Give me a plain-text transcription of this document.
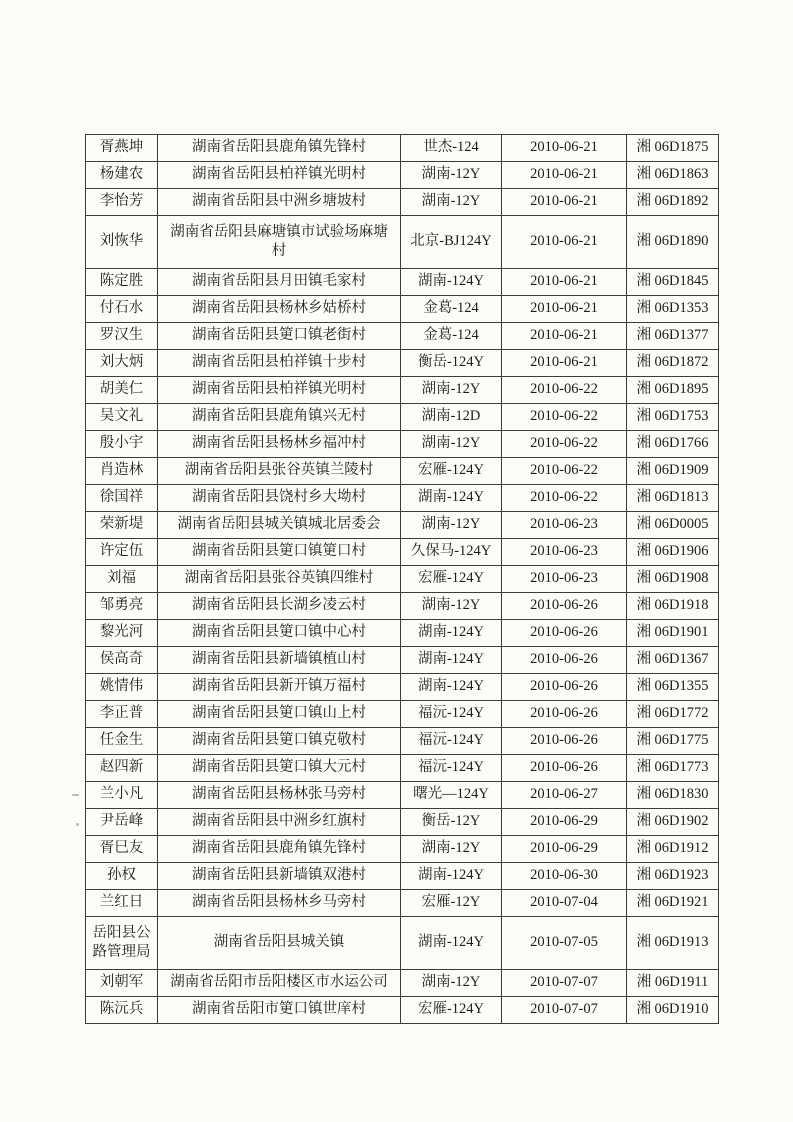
胥燕坤	湖南省岳阳县鹿角镇先锋村	世杰-124	2010-06-21	湘 06D1875
杨建农	湖南省岳阳县柏祥镇光明村	湖南-12Y	2010-06-21	湘 06D1863
李怡芳	湖南省岳阳县中洲乡塘坡村	湖南-12Y	2010-06-21	湘 06D1892
刘恢华	湖南省岳阳县麻塘镇市试验场麻塘村	北京-BJ124Y	2010-06-21	湘 06D1890
陈定胜	湖南省岳阳县月田镇毛家村	湖南-124Y	2010-06-21	湘 06D1845
付石水	湖南省岳阳县杨林乡姑桥村	金葛-124	2010-06-21	湘 06D1353
罗汉生	湖南省岳阳县筻口镇老街村	金葛-124	2010-06-21	湘 06D1377
刘大炳	湖南省岳阳县柏祥镇十步村	衡岳-124Y	2010-06-21	湘 06D1872
胡美仁	湖南省岳阳县柏祥镇光明村	湖南-12Y	2010-06-22	湘 06D1895
吴文礼	湖南省岳阳县鹿角镇兴无村	湖南-12D	2010-06-22	湘 06D1753
殷小宇	湖南省岳阳县杨林乡福冲村	湖南-12Y	2010-06-22	湘 06D1766
肖造林	湖南省岳阳县张谷英镇兰陵村	宏雁-124Y	2010-06-22	湘 06D1909
徐国祥	湖南省岳阳县饶村乡大坳村	湖南-124Y	2010-06-22	湘 06D1813
荣新堤	湖南省岳阳县城关镇城北居委会	湖南-12Y	2010-06-23	湘 06D0005
许定伍	湖南省岳阳县筻口镇筻口村	久保马-124Y	2010-06-23	湘 06D1906
刘福	湖南省岳阳县张谷英镇四维村	宏雁-124Y	2010-06-23	湘 06D1908
邹勇亮	湖南省岳阳县长湖乡凌云村	湖南-12Y	2010-06-26	湘 06D1918
黎光河	湖南省岳阳县筻口镇中心村	湖南-124Y	2010-06-26	湘 06D1901
侯高奇	湖南省岳阳县新墙镇植山村	湖南-124Y	2010-06-26	湘 06D1367
姚情伟	湖南省岳阳县新开镇万福村	湖南-124Y	2010-06-26	湘 06D1355
李正普	湖南省岳阳县筻口镇山上村	福沅-124Y	2010-06-26	湘 06D1772
任金生	湖南省岳阳县筻口镇克敬村	福沅-124Y	2010-06-26	湘 06D1775
赵四新	湖南省岳阳县筻口镇大元村	福沅-124Y	2010-06-26	湘 06D1773
兰小凡	湖南省岳阳县杨林张马旁村	曙光—124Y	2010-06-27	湘 06D1830
尹岳峰	湖南省岳阳县中洲乡红旗村	衡岳-12Y	2010-06-29	湘 06D1902
胥巳友	湖南省岳阳县鹿角镇先锋村	湖南-12Y	2010-06-29	湘 06D1912
孙权	湖南省岳阳县新墙镇双港村	湖南-124Y	2010-06-30	湘 06D1923
兰红日	湖南省岳阳县杨林乡马旁村	宏雁-12Y	2010-07-04	湘 06D1921
岳阳县公路管理局	湖南省岳阳县城关镇	湖南-124Y	2010-07-05	湘 06D1913
刘朝军	湖南省岳阳市岳阳楼区市水运公司	湖南-12Y	2010-07-07	湘 06D1911
陈沅兵	湖南省岳阳市筻口镇世庠村	宏雁-124Y	2010-07-07	湘 06D1910
